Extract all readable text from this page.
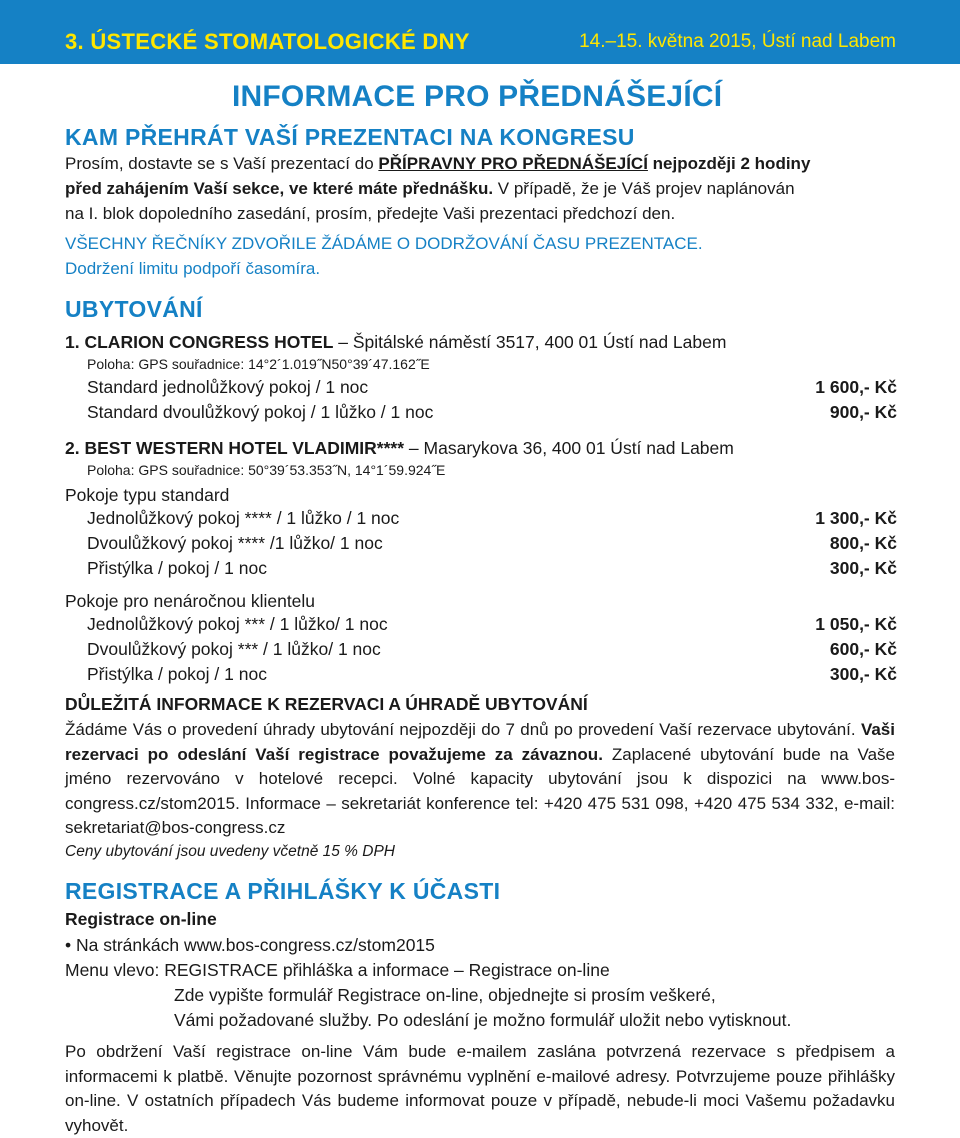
3. ÚSTECKÉ STOMATOLOGICKÉ DNY	14.–15. května 2015, Ústí nad Labem
INFORMACE PRO PŘEDNÁŠEJÍCÍ
KAM PŘEHRÁT VAŠÍ PREZENTACI NA KONGRESU
Prosím, dostavte se s Vaší prezentací do PŘÍPRAVNY PRO PŘEDNÁŠEJÍCÍ nejpozději 2 hodiny
před zahájením Vaší sekce, ve které máte přednášku. V případě, že je Váš projev naplánován
na I. blok dopoledního zasedání, prosím, předejte Vaši prezentaci předchozí den.
VŠECHNY ŘEČNÍKY ZDVOŘILE ŽÁDÁME O DODRŽOVÁNÍ ČASU PREZENTACE.
Dodržení limitu podpoří časomíra.
UBYTOVÁNÍ
1. CLARION CONGRESS HOTEL – Špitálské náměstí 3517, 400 01 Ústí nad Labem
Poloha: GPS souřadnice: 14°2´1.019˝N50°39´47.162˝E
Standard jednolůžkový pokoj / 1 noc	1 600,- Kč
Standard dvoulůžkový pokoj / 1 lůžko / 1 noc	900,- Kč
2. BEST WESTERN HOTEL VLADIMIR**** – Masarykova 36, 400 01 Ústí nad Labem
Poloha: GPS souřadnice: 50°39´53.353˝N, 14°1´59.924˝E
Pokoje typu standard
Jednolůžkový pokoj **** / 1 lůžko / 1 noc	1 300,- Kč
Dvoulůžkový pokoj **** /1 lůžko/ 1 noc	800,- Kč
Přistýlka / pokoj / 1 noc	300,- Kč
Pokoje pro nenáročnou klientelu
Jednolůžkový pokoj *** / 1 lůžko/ 1 noc	1 050,- Kč
Dvoulůžkový pokoj *** / 1 lůžko/ 1 noc	600,- Kč
Přistýlka / pokoj / 1 noc	300,- Kč
DŮLEŽITÁ INFORMACE K REZERVACI A ÚHRADĚ UBYTOVÁNÍ
Žádáme Vás o provedení úhrady ubytování nejpozději do 7 dnů po provedení Vaší rezervace ubytování. Vaši rezervaci po odeslání Vaší registrace považujeme za závaznou. Zaplacené ubytování bude na Vaše jméno rezervováno v hotelové recepci. Volné kapacity ubytování jsou k dispozici na www.bos-congress.cz/stom2015. Informace – sekretariát konference tel: +420 475 531 098, +420 475 534 332, e-mail: sekretariat@bos-congress.cz
Ceny ubytování jsou uvedeny včetně 15 % DPH
REGISTRACE A PŘIHLÁŠKY K ÚČASTI
Registrace on-line
• Na stránkách www.bos-congress.cz/stom2015
Menu vlevo: REGISTRACE přihláška a informace – Registrace on-line
Zde vypište formulář Registrace on-line, objednejte si prosím veškeré,
Vámi požadované služby. Po odeslání je možno formulář uložit nebo vytisknout.
Po obdržení Vaší registrace on-line Vám bude e-mailem zaslána potvrzená rezervace s předpisem a informacemi k platbě. Věnujte pozornost správnému vyplnění e-mailové adresy. Potvrzujeme pouze přihlášky on-line. V ostatních případech Vás budeme informovat pouze v případě, nebude-li moci Vašemu požadavku vyhovět.
